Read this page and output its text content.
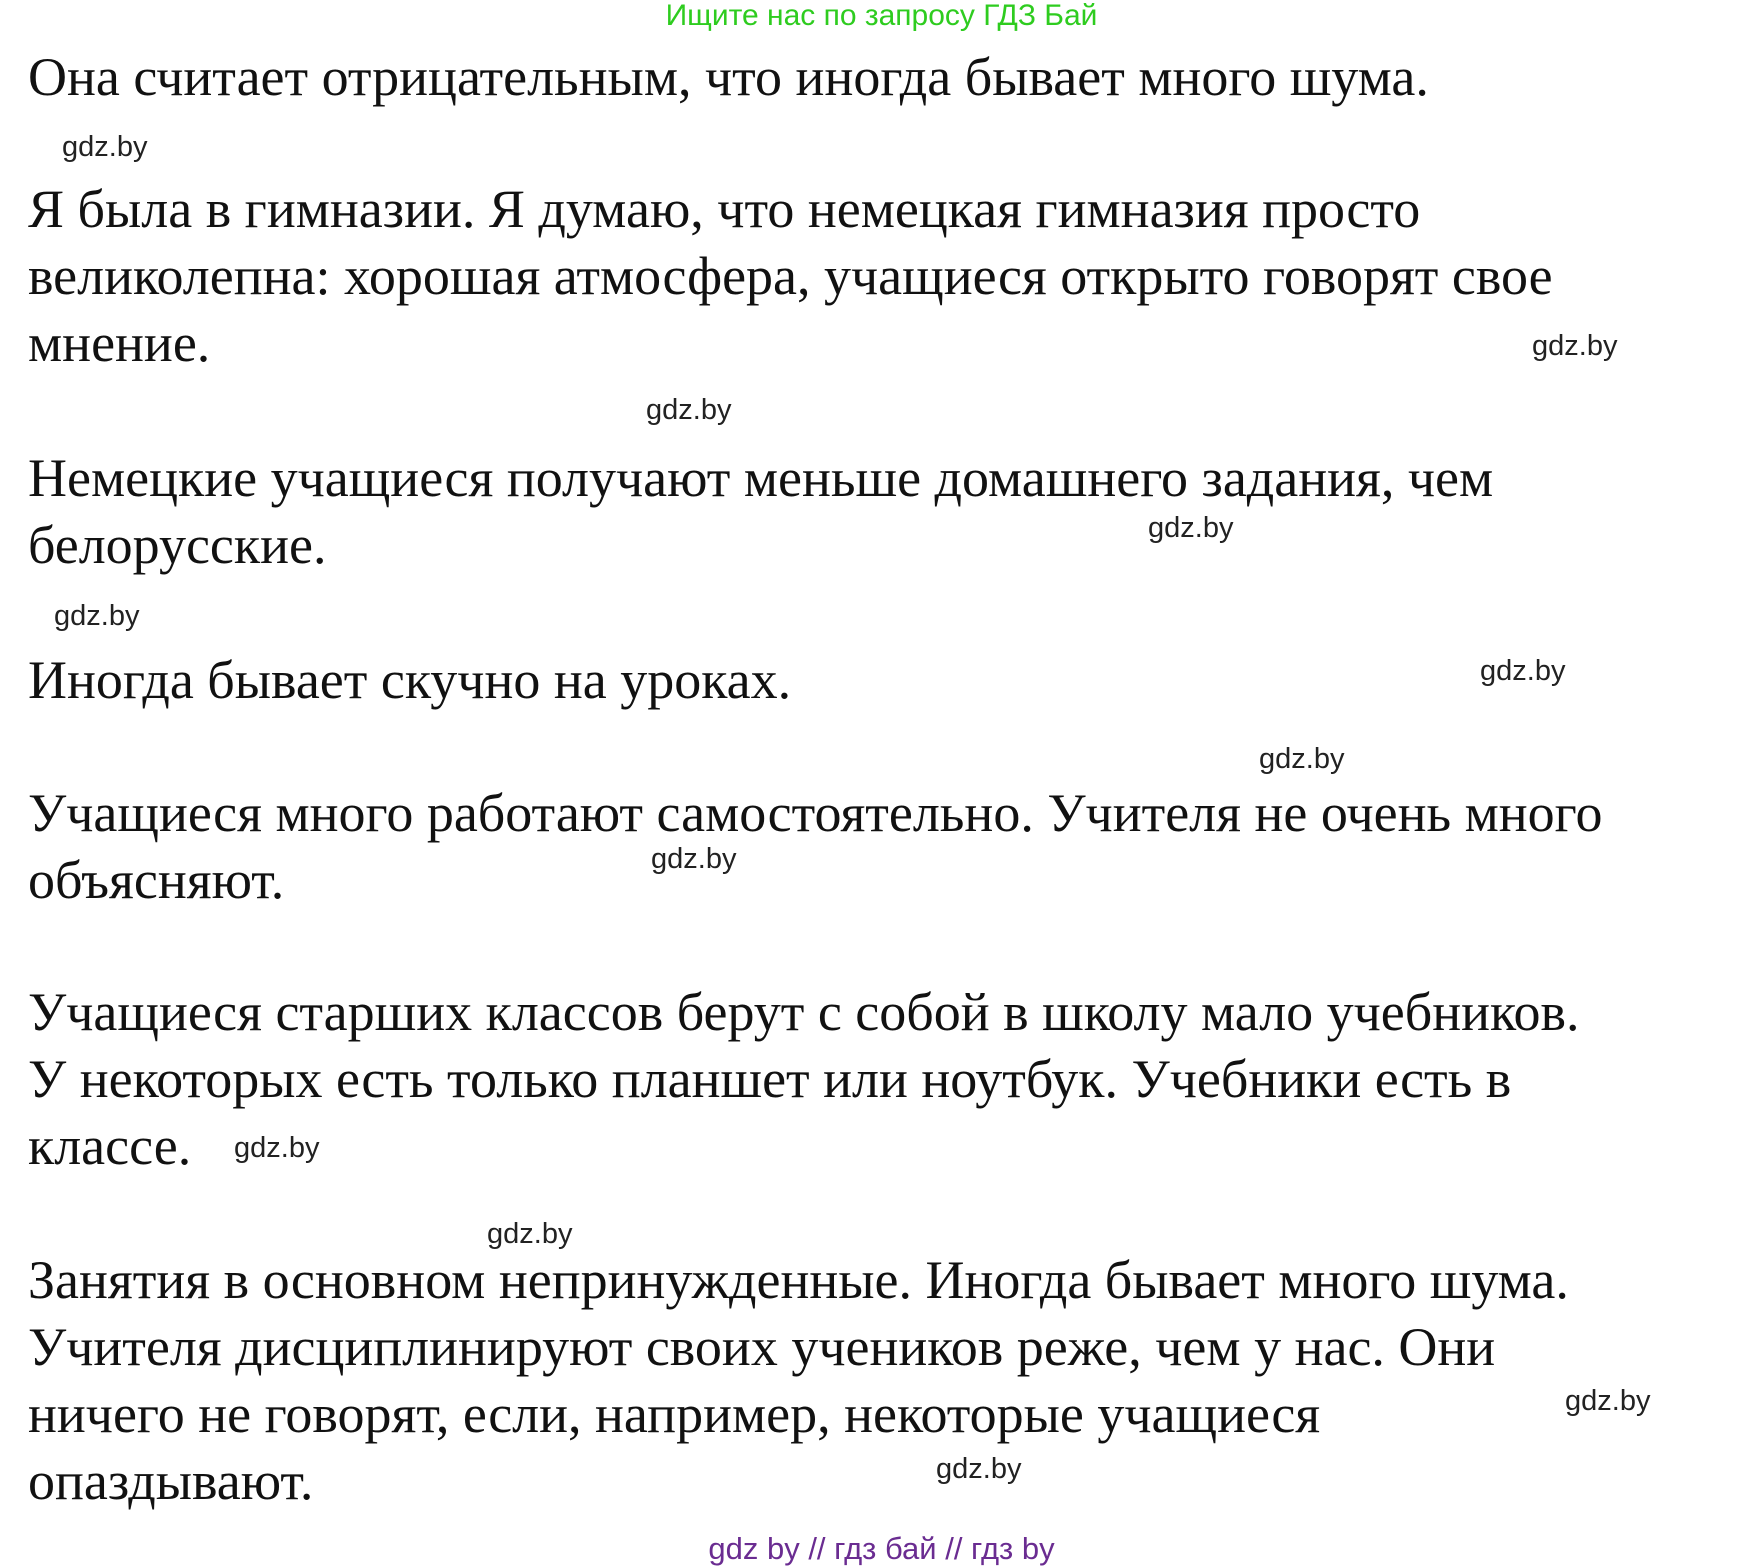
Ищите нас по запросу ГДЗ Бай
Она считает отрицательным, что иногда бывает много шума.
Я была в гимназии. Я думаю, что немецкая гимназия просто
великолепна: хорошая атмосфера, учащиеся открыто говорят свое
мнение.
Немецкие учащиеся получают меньше домашнего задания, чем
белорусские.
Иногда бывает скучно на уроках.
Учащиеся много работают самостоятельно. Учителя не очень много
объясняют.
Учащиеся старших классов берут с собой в школу мало учебников.
У некоторых есть только планшет или ноутбук. Учебники есть в
классе.
Занятия в основном непринужденные. Иногда бывает много шума.
Учителя дисциплинируют своих учеников реже, чем у нас. Они
ничего не говорят, если, например, некоторые учащиеся
опаздывают.
gdz.by
gdz.by
gdz.by
gdz.by
gdz.by
gdz.by
gdz.by
gdz.by
gdz.by
gdz.by
gdz.by
gdz.by
gdz by // гдз бай // гдз by
